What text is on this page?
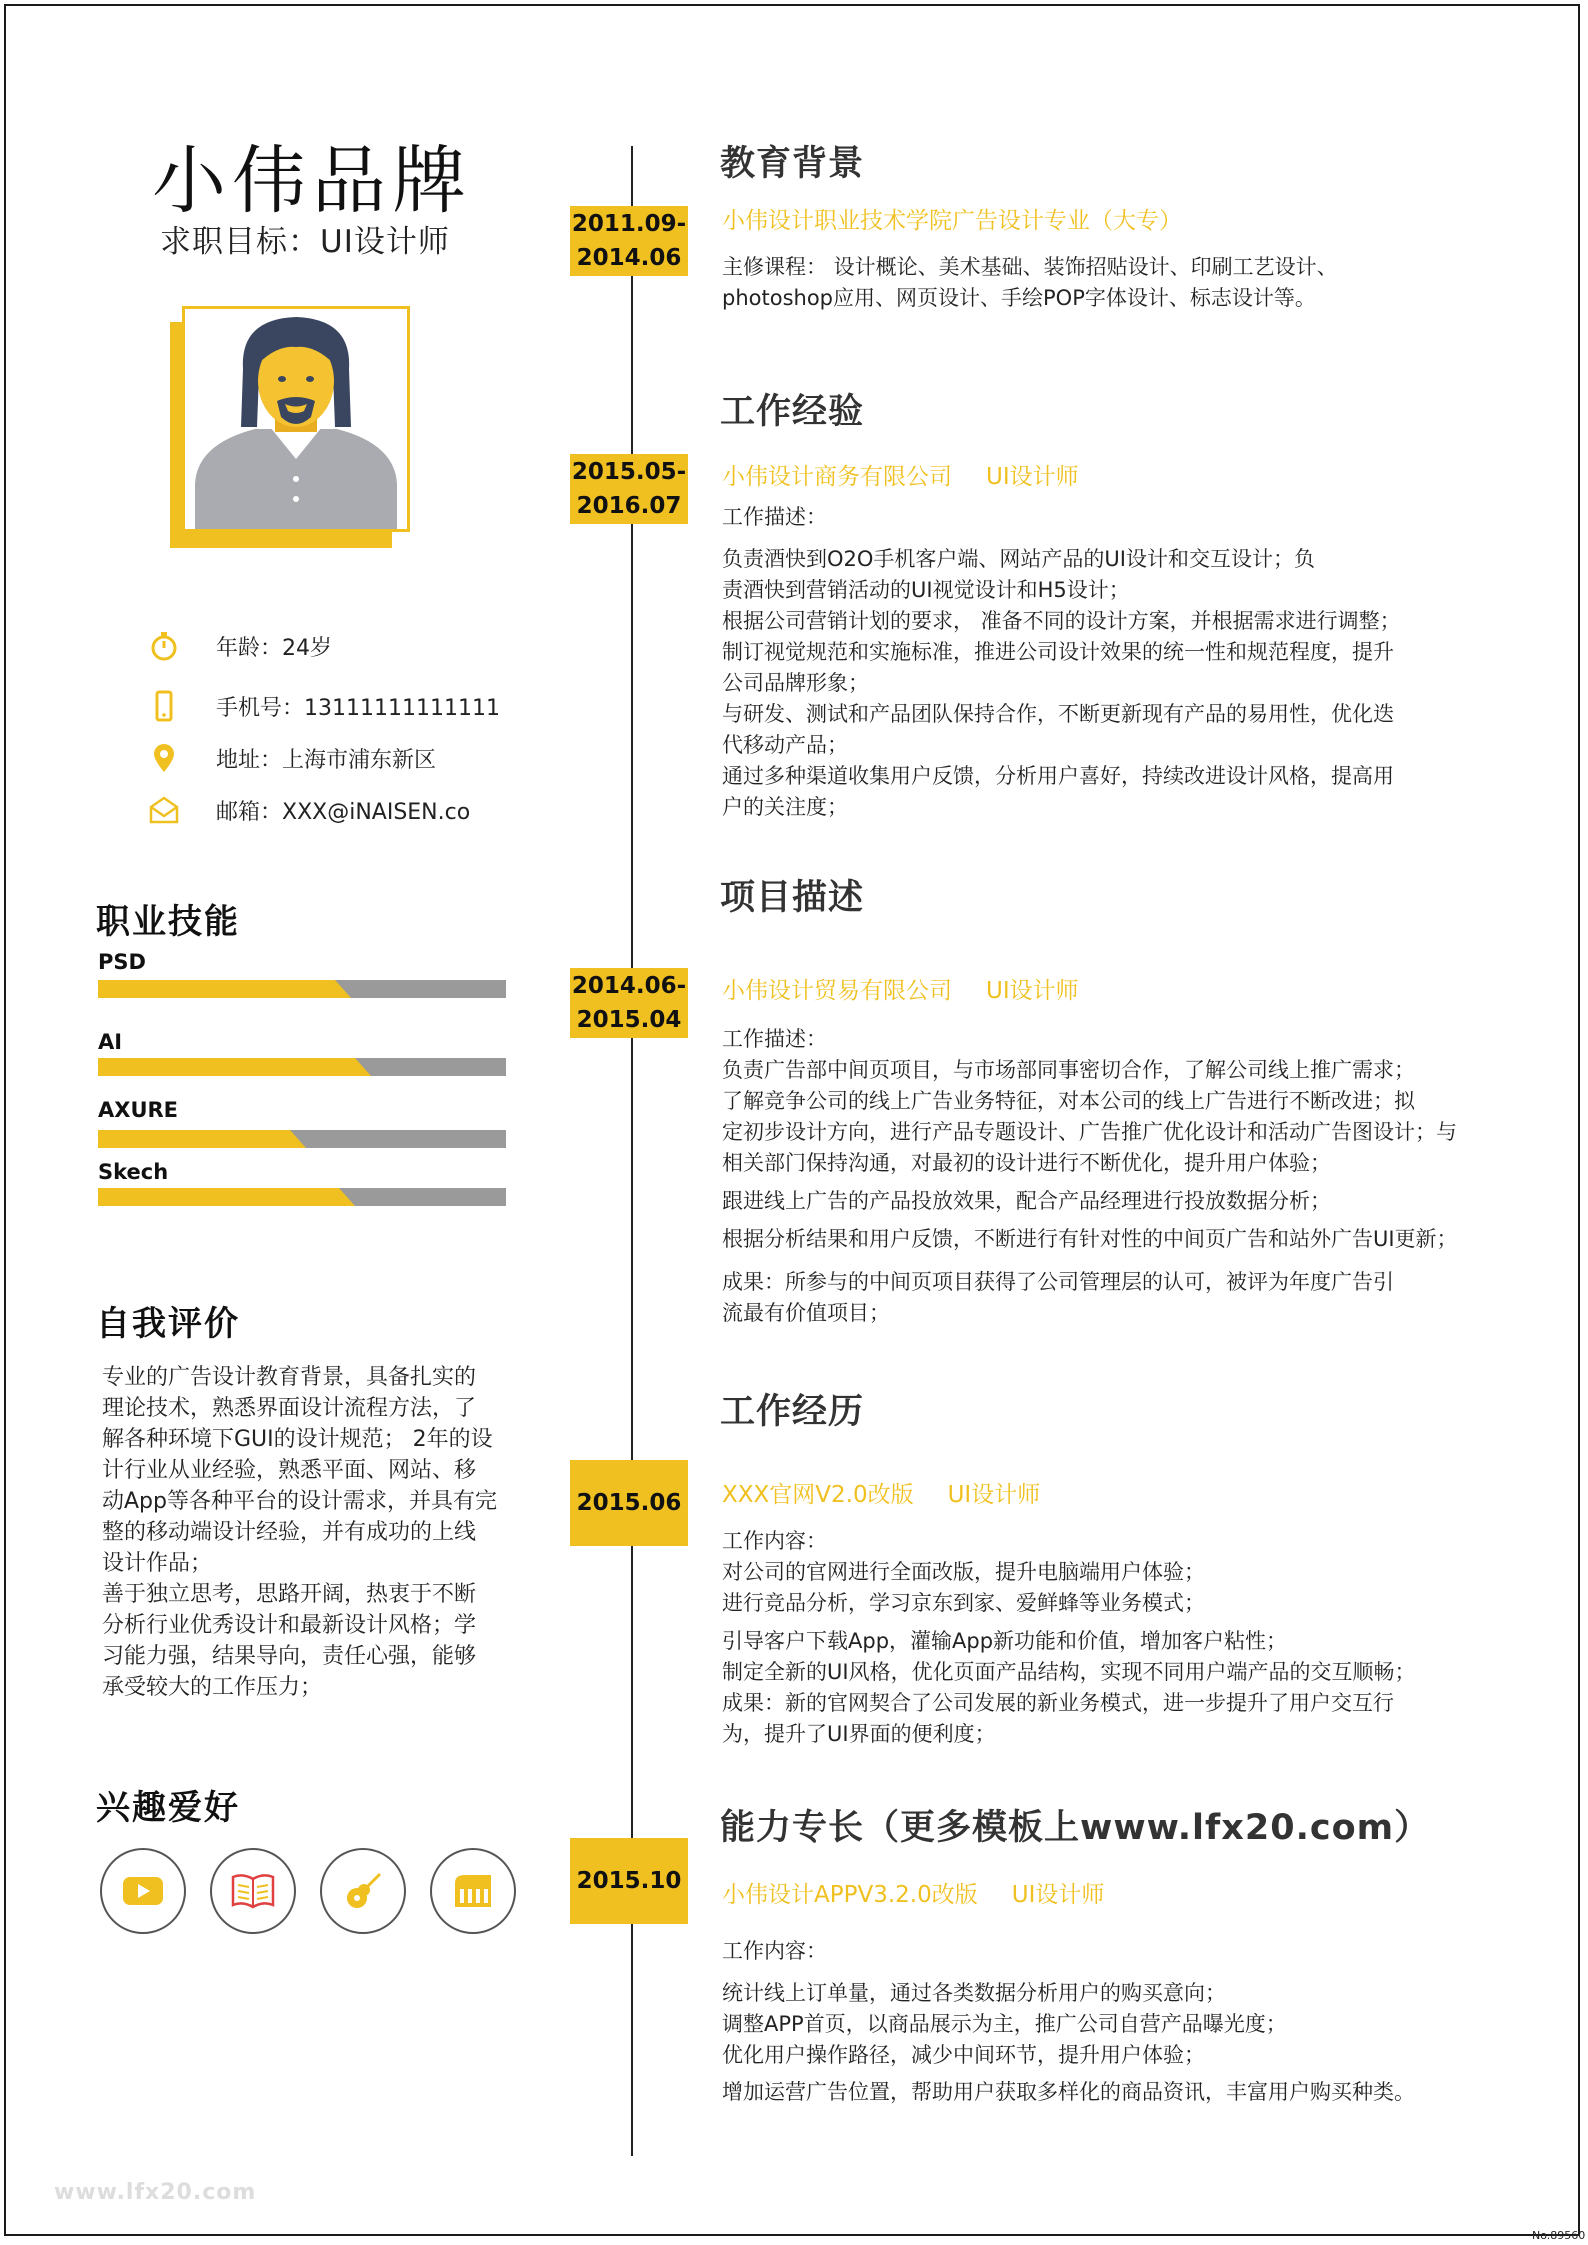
小伟品牌
求职目标：UI设计师
年龄：24岁
手机号：13111111111111
地址：上海市浦东新区
邮箱：XXX@iNAISEN.co
职业技能
PSD
AI
AXURE
Skech
自我评价
专业的广告设计教育背景，具备扎实的
理论技术，熟悉界面设计流程方法，了
解各种环境下GUI的设计规范； 2年的设
计行业从业经验，熟悉平面、网站、移
动App等各种平台的设计需求，并具有完
整的移动端设计经验，并有成功的上线
设计作品；
善于独立思考，思路开阔，热衷于不断
分析行业优秀设计和最新设计风格；学
习能力强，结果导向，责任心强，能够
承受较大的工作压力；
兴趣爱好
2011.09-
2014.06
2015.05-
2016.07
2014.06-
2015.04
2015.06
2015.10
教育背景
小伟设计职业技术学院广告设计专业（大专）

主修课程： 设计概论、美术基础、装饰招贴设计、印刷工艺设计、

photoshop应用、网页设计、手绘POP字体设计、标志设计等。

工作经验
小伟设计商务有限公司 UI设计师

工作描述：

负责酒快到O2O手机客户端、网站产品的UI设计和交互设计；负

责酒快到营销活动的UI视觉设计和H5设计；

根据公司营销计划的要求， 准备不同的设计方案，并根据需求进行调整；

制订视觉规范和实施标准，推进公司设计效果的统一性和规范程度，提升

公司品牌形象；

与研发、测试和产品团队保持合作，不断更新现有产品的易用性，优化迭

代移动产品；

通过多种渠道收集用户反馈，分析用户喜好，持续改进设计风格，提高用

户的关注度；

项目描述
小伟设计贸易有限公司 UI设计师

工作描述：

负责广告部中间页项目，与市场部同事密切合作，了解公司线上推广需求；

了解竞争公司的线上广告业务特征，对本公司的线上广告进行不断改进；拟

定初步设计方向，进行产品专题设计、广告推广优化设计和活动广告图设计；与

相关部门保持沟通，对最初的设计进行不断优化，提升用户体验；

跟进线上广告的产品投放效果，配合产品经理进行投放数据分析；

根据分析结果和用户反馈，不断进行有针对性的中间页广告和站外广告UI更新；

成果：所参与的中间页项目获得了公司管理层的认可，被评为年度广告引

流最有价值项目；

工作经历
XXX官网V2.0改版 UI设计师

工作内容：

对公司的官网进行全面改版，提升电脑端用户体验；

进行竞品分析，学习京东到家、爱鲜蜂等业务模式；

引导客户下载App，灌输App新功能和价值，增加客户粘性；

制定全新的UI风格，优化页面产品结构，实现不同用户端产品的交互顺畅；

成果：新的官网契合了公司发展的新业务模式，进一步提升了用户交互行

为，提升了UI界面的便利度；

能力专长（更多模板上www.lfx20.com）
小伟设计APPV3.2.0改版 UI设计师

工作内容：

统计线上订单量，通过各类数据分析用户的购买意向；

调整APP首页，以商品展示为主，推广公司自营产品曝光度；

优化用户操作路径，减少中间环节，提升用户体验；

增加运营广告位置，帮助用户获取多样化的商品资讯，丰富用户购买种类。

www.lfx20.com
No.89560
